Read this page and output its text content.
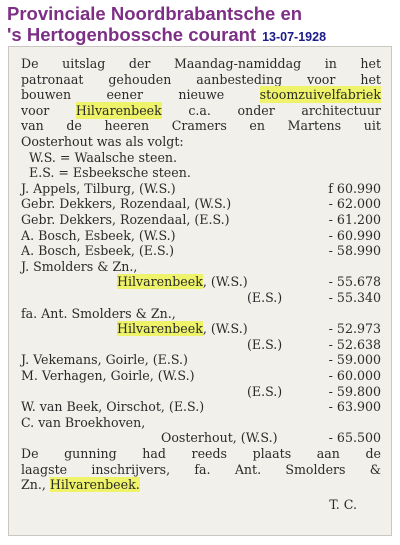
Provinciale Noordbrabantsche en
's Hertogenbossche courant 13-07-1928
De uitslag der Maandag-namiddag in het
patronaat gehouden aanbesteding voor het
bouwen	eener	nieuwe	stoomzuivelfabriek
voor Hilvarenbeek c.a. onder architectuur
van de heeren Cramers en Martens uit
Oosterhout was als volgt:
W.S. = Waalsche steen.
E.S. = Esbeeksche steen.
J. Appels, Tilburg, (W.S.)	f 60.990
Gebr. Dekkers, Rozendaal, (W.S.)	- 62.000
Gebr. Dekkers, Rozendaal, (E.S.)	- 61.200
A. Bosch, Esbeek, (W.S.)	- 60.990
A. Bosch, Esbeek, (E.S.)	- 58.990
J. Smolders & Zn.,
Hilvarenbeek, (W.S.)	- 55.678
(E.S.)	- 55.340
fa. Ant. Smolders & Zn.,
Hilvarenbeek, (W.S.)	- 52.973
(E.S.)	- 52.638
J. Vekemans, Goirle, (E.S.)	- 59.000
M. Verhagen, Goirle, (W.S.)	- 60.000
(E.S.)	- 59.800
W. van Beek, Oirschot, (E.S.)	- 63.900
C. van Broekhoven,
Oosterhout, (W.S.)	- 65.500
De gunning had reeds plaats aan de
laagste inschrijvers, fa. Ant. Smolders &
Zn., Hilvarenbeek.
T. C.
